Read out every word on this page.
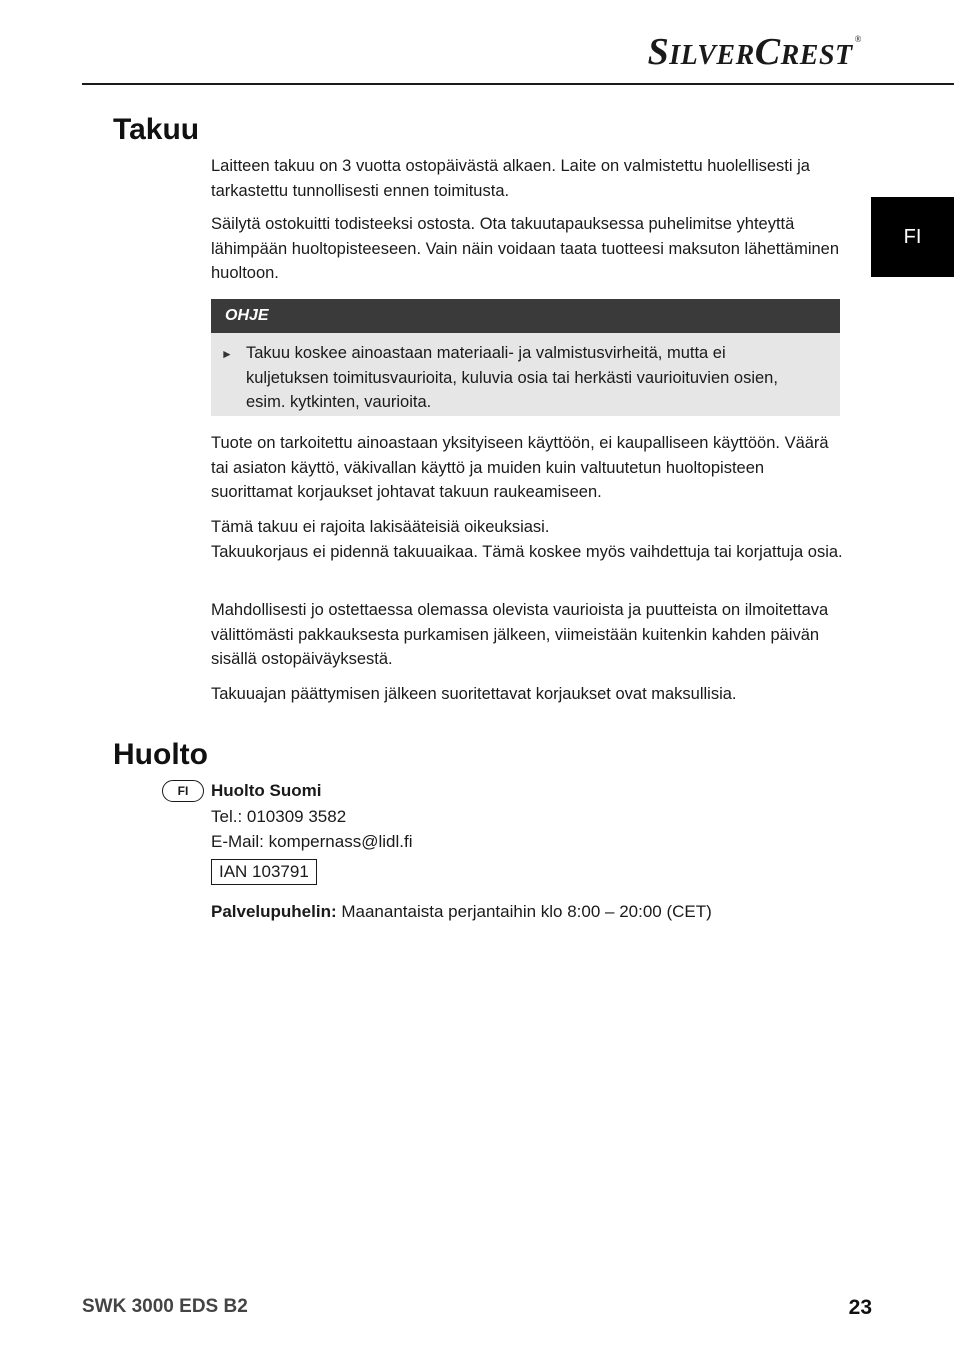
SILVERCREST®
FI
Takuu

Laitteen takuu on 3 vuotta ostopäivästä alkaen. Laite on valmistettu huolellisesti ja tarkastettu tunnollisesti ennen toimitusta.

Säilytä ostokuitti todisteeksi ostosta. Ota takuutapauksessa puhelimitse yhteyttä lähimpään huoltopisteeseen. Vain näin voidaan taata tuotteesi maksuton lähettäminen huoltoon.

OHJE
► Takuu koskee ainoastaan materiaali- ja valmistusvirheitä, mutta ei kuljetuksen toimitusvaurioita, kuluvia osia tai herkästi vaurioituvien osien, esim. kytkinten, vaurioita.

Tuote on tarkoitettu ainoastaan yksityiseen käyttöön, ei kaupalliseen käyttöön. Väärä tai asiaton käyttö, väkivallan käyttö ja muiden kuin valtuutetun huoltopisteen suorittamat korjaukset johtavat takuun raukeamiseen.

Tämä takuu ei rajoita lakisääteisiä oikeuksiasi.

Takuukorjaus ei pidennä takuuaikaa. Tämä koskee myös vaihdettuja tai korjattuja osia.

Mahdollisesti jo ostettaessa olemassa olevista vaurioista ja puutteista on ilmoitettava välittömästi pakkauksesta purkamisen jälkeen, viimeistään kuitenkin kahden päivän sisällä ostopäiväyksestä.

Takuuajan päättymisen jälkeen suoritettavat korjaukset ovat maksullisia.

Huolto
FI	Huolto Suomi
Tel.: 010309 3582
E-Mail: kompernass@lidl.fi
IAN 103791
Palvelupuhelin: Maanantaista perjantaihin klo 8:00 – 20:00 (CET)
SWK 3000 EDS B2	23
